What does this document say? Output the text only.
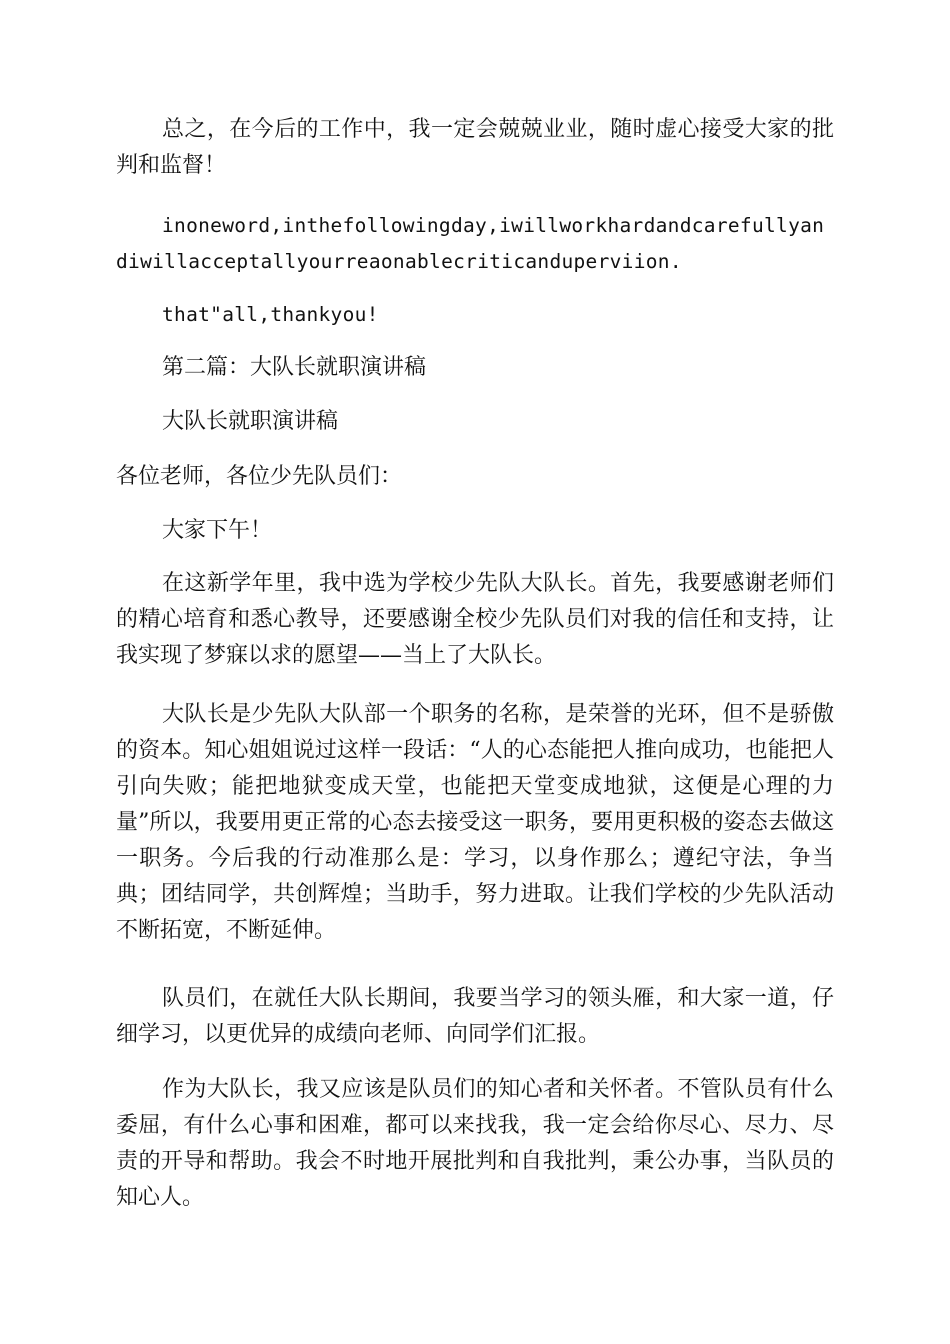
总之，在今后的工作中，我一定会兢兢业业，随时虚心接受大家的批判和监督！

inoneword,inthefollowingday,iwillworkhardandcarefullyandiwillacceptallyourreaonablecriticanduperviion.

that"all,thankyou!

第二篇：大队长就职演讲稿

大队长就职演讲稿

各位老师，各位少先队员们：

大家下午！

在这新学年里，我中选为学校少先队大队长。首先，我要感谢老师们的精心培育和悉心教导，还要感谢全校少先队员们对我的信任和支持，让我实现了梦寐以求的愿望——当上了大队长。

大队长是少先队大队部一个职务的名称，是荣誉的光环，但不是骄傲的资本。知心姐姐说过这样一段话：“人的心态能把人推向成功，也能把人引向失败；能把地狱变成天堂，也能把天堂变成地狱，这便是心理的力量”所以，我要用更正常的心态去接受这一职务，要用更积极的姿态去做这一职务。今后我的行动准那么是：学习，以身作那么；遵纪守法，争当典；团结同学，共创辉煌；当助手，努力进取。让我们学校的少先队活动不断拓宽，不断延伸。

队员们，在就任大队长期间，我要当学习的领头雁，和大家一道，仔细学习，以更优异的成绩向老师、向同学们汇报。

作为大队长，我又应该是队员们的知心者和关怀者。不管队员有什么委屈，有什么心事和困难，都可以来找我，我一定会给你尽心、尽力、尽责的开导和帮助。我会不时地开展批判和自我批判，秉公办事，当队员的知心人。
